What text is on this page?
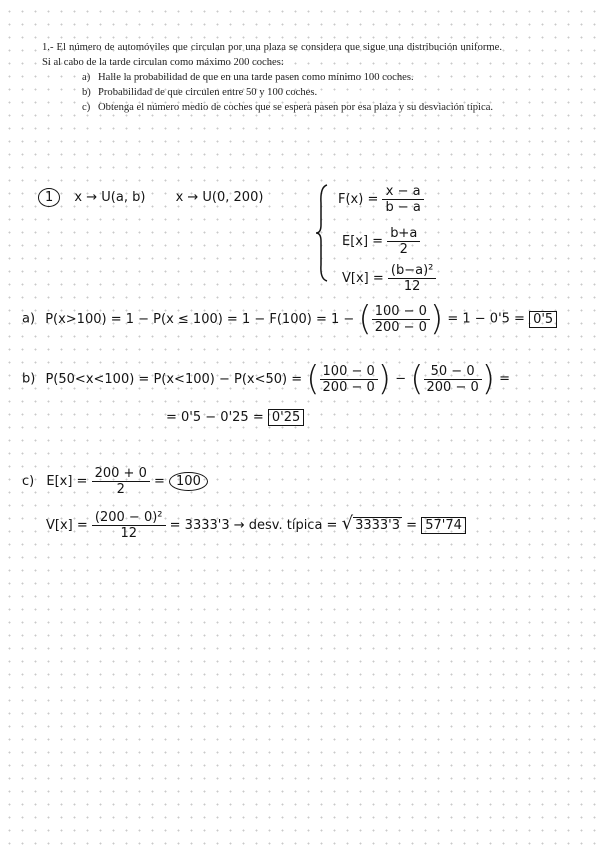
1.- El número de automóviles que circulan por una plaza se considera que sigue una distribución uniforme. Si al cabo de la tarde circulan como máximo 200 coches:

a) Halle la probabilidad de que en una tarde pasen como mínimo 100 coches.
b) Probabilidad de que circulen entre 50 y 100 coches.
c) Obtenga el número medio de coches que se espera pasen por esa plaza y su desviación típica.
1 x → U(a, b) x → U(0, 200)	$F(x) = \frac{x - a}{b - a}$
$E[x] = \frac{b+a}{2}$
$V[x] = \frac{\text{(b−a)²}}{12}$
a) P(x>100) = 1 − P(x ≤ 100) = 1 − F(100) = 1 − ( $\frac{100 - 0}{200 - 0}$ ) = 1 − 0'5 = 0'5
b) P(50<x<100) = P(x<100) − P(x<50) = ( $\frac{100 - 0}{200 - 0}$ ) − ( $\frac{50 - 0}{200 - 0}$ ) =
= 0'5 − 0'25 = 0'25
c) $E[x] = \frac{200 + 0}{2} = 100$
$V[x] = \frac{\text{(200 − 0)²}}{12} = 3333'3$ → desv. típica = √ 3333'3 = 57'74
